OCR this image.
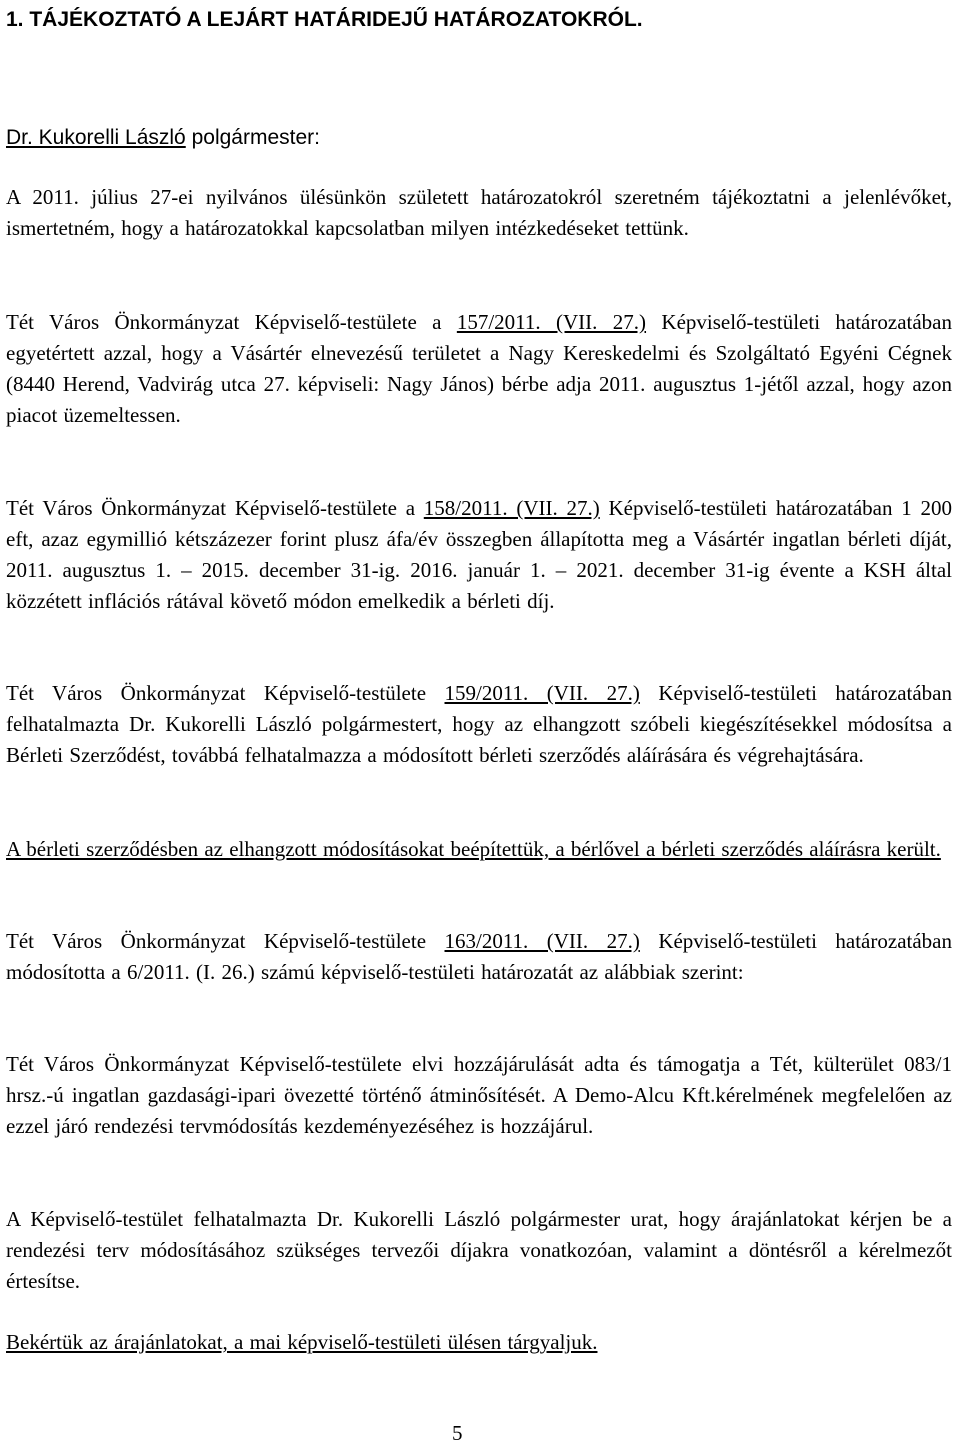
1. TÁJÉKOZTATÓ A LEJÁRT HATÁRIDEJŰ HATÁROZATOKRÓL.

Dr. Kukorelli László polgármester:

A 2011. július 27-ei nyilvános ülésünkön született határozatokról szeretném tájékoztatni a jelenlévőket, ismertetném, hogy a határozatokkal kapcsolatban milyen intézkedéseket tettünk.

Tét Város Önkormányzat Képviselő-testülete a 157/2011. (VII. 27.) Képviselő-testületi határozatában egyetértett azzal, hogy a Vásártér elnevezésű területet a Nagy Kereskedelmi és Szolgáltató Egyéni Cégnek (8440 Herend, Vadvirág utca 27. képviseli: Nagy János) bérbe adja 2011. augusztus 1-jétől azzal, hogy azon piacot üzemeltessen.

Tét Város Önkormányzat Képviselő-testülete a 158/2011. (VII. 27.) Képviselő-testületi határozatában 1 200 eft, azaz egymillió kétszázezer forint plusz áfa/év összegben állapította meg a Vásártér ingatlan bérleti díját, 2011. augusztus 1. – 2015. december 31-ig. 2016. január 1. – 2021. december 31-ig évente a KSH által közzétett inflációs rátával követő módon emelkedik a bérleti díj.

Tét Város Önkormányzat Képviselő-testülete 159/2011. (VII. 27.) Képviselő-testületi határozatában felhatalmazta Dr. Kukorelli László polgármestert, hogy az elhangzott szóbeli kiegészítésekkel módosítsa a Bérleti Szerződést, továbbá felhatalmazza a módosított bérleti szerződés aláírására és végrehajtására.

A bérleti szerződésben az elhangzott módosításokat beépítettük, a bérlővel a bérleti szerződés aláírásra került.

Tét Város Önkormányzat Képviselő-testülete 163/2011. (VII. 27.) Képviselő-testületi határozatában módosította a 6/2011. (I. 26.) számú képviselő-testületi határozatát az alábbiak szerint:

Tét Város Önkormányzat Képviselő-testülete elvi hozzájárulását adta és támogatja a Tét, külterület 083/1 hrsz.-ú ingatlan gazdasági-ipari övezetté történő átminősítését. A Demo-Alcu Kft.kérelmének megfelelően az ezzel járó rendezési tervmódosítás kezdeményezéséhez is hozzájárul.

A Képviselő-testület felhatalmazta Dr. Kukorelli László polgármester urat, hogy árajánlatokat kérjen be a rendezési terv módosításához szükséges tervezői díjakra vonatkozóan, valamint a döntésről a kérelmezőt értesítse.

Bekértük az árajánlatokat, a mai képviselő-testületi ülésen tárgyaljuk.

5
